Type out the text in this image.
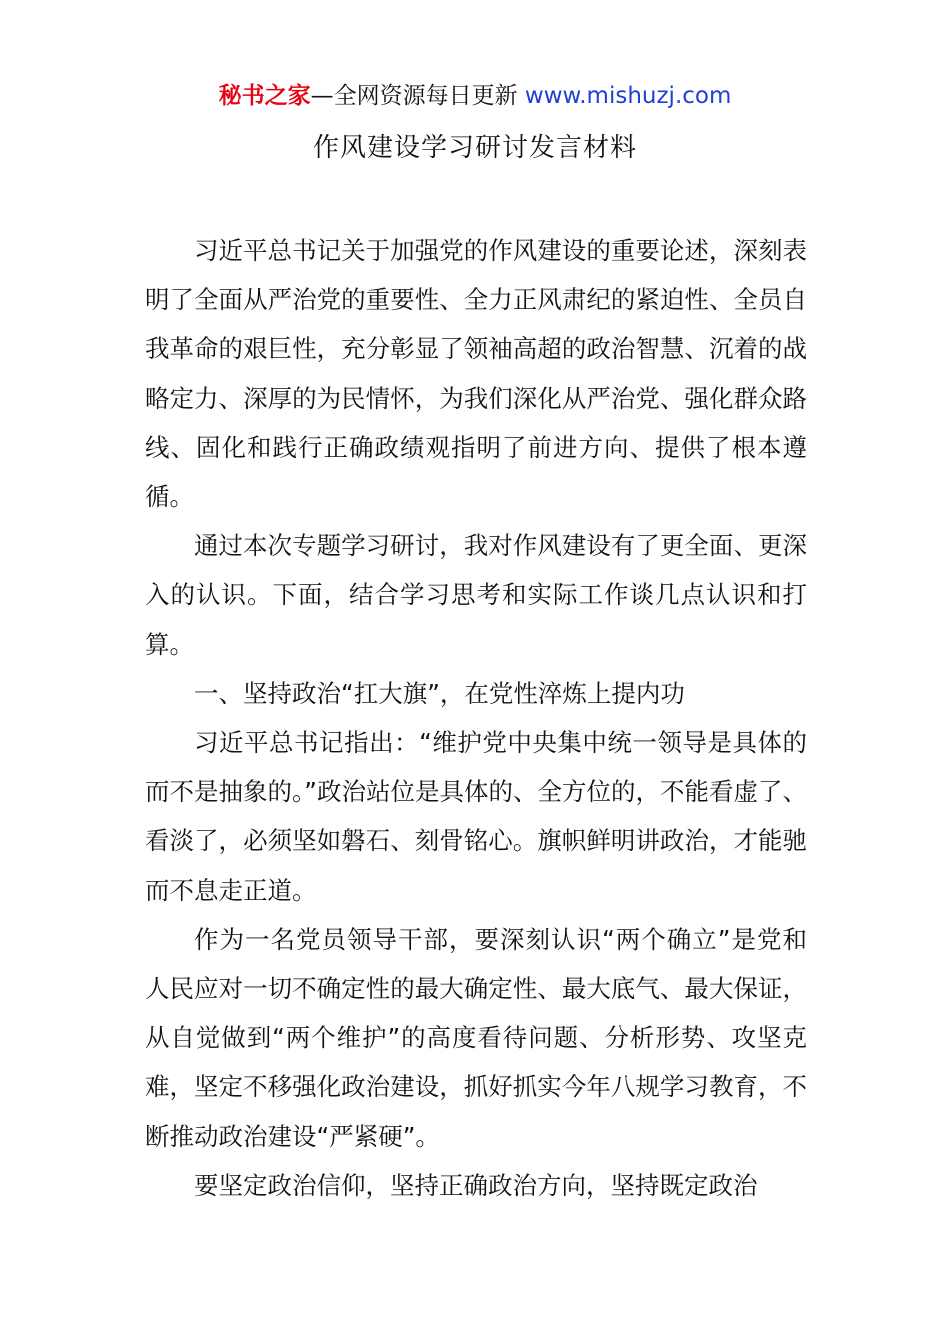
秘书之家—全网资源每日更新 www.mishuzj.com
作风建设学习研讨发言材料

习近平总书记关于加强党的作风建设的重要论述，深刻表明了全面从严治党的重要性、全力正风肃纪的紧迫性、全员自我革命的艰巨性，充分彰显了领袖高超的政治智慧、沉着的战略定力、深厚的为民情怀，为我们深化从严治党、强化群众路线、固化和践行正确政绩观指明了前进方向、提供了根本遵循。

通过本次专题学习研讨，我对作风建设有了更全面、更深入的认识。下面，结合学习思考和实际工作谈几点认识和打算。

一、坚持政治“扛大旗”，在党性淬炼上提内功

习近平总书记指出：“维护党中央集中统一领导是具体的而不是抽象的。”政治站位是具体的、全方位的，不能看虚了、看淡了，必须坚如磐石、刻骨铭心。旗帜鲜明讲政治，才能驰而不息走正道。

作为一名党员领导干部，要深刻认识“两个确立”是党和人民应对一切不确定性的最大确定性、最大底气、最大保证，从自觉做到“两个维护”的高度看待问题、分析形势、攻坚克难，坚定不移强化政治建设，抓好抓实今年八规学习教育，不断推动政治建设“严紧硬”。

要坚定政治信仰，坚持正确政治方向，坚持既定政治
